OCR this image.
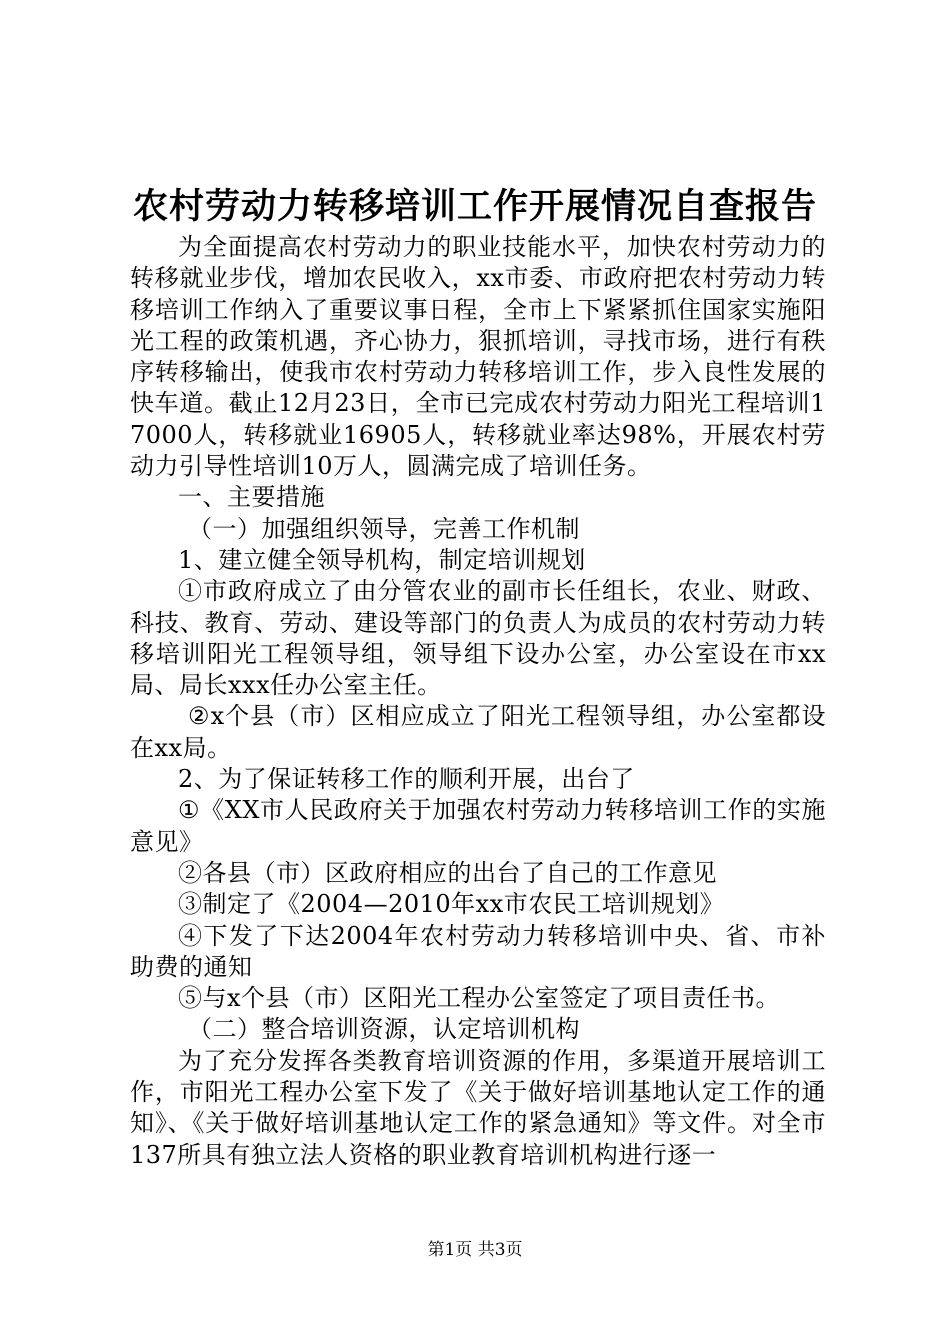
农村劳动力转移培训工作开展情况自查报告

为全面提高农村劳动力的职业技能水平，加快农村劳动力的转移就业步伐，增加农民收入，xx市委、市政府把农村劳动力转移培训工作纳入了重要议事日程，全市上下紧紧抓住国家实施阳光工程的政策机遇，齐心协力，狠抓培训，寻找市场，进行有秩序转移输出，使我市农村劳动力转移培训工作，步入良性发展的快车道。截止12月23日，全市已完成农村劳动力阳光工程培训17000人，转移就业16905人，转移就业率达98%，开展农村劳动力引导性培训10万人，圆满完成了培训任务。

一、主要措施

（一）加强组织领导，完善工作机制

1、建立健全领导机构，制定培训规划

①市政府成立了由分管农业的副市长任组长，农业、财政、科技、教育、劳动、建设等部门的负责人为成员的农村劳动力转移培训阳光工程领导组，领导组下设办公室，办公室设在市xx局、局长xxx任办公室主任。

②x个县（市）区相应成立了阳光工程领导组，办公室都设在xx局。

2、为了保证转移工作的顺利开展，出台了

①《XX市人民政府关于加强农村劳动力转移培训工作的实施意见》

②各县（市）区政府相应的出台了自己的工作意见

③制定了《2004—2010年xx市农民工培训规划》

④下发了下达2004年农村劳动力转移培训中央、省、市补助费的通知

⑤与x个县（市）区阳光工程办公室签定了项目责任书。

（二）整合培训资源，认定培训机构

为了充分发挥各类教育培训资源的作用，多渠道开展培训工作，市阳光工程办公室下发了《关于做好培训基地认定工作的通知》、《关于做好培训基地认定工作的紧急通知》等文件。对全市137所具有独立法人资格的职业教育培训机构进行逐一

第1页 共3页
